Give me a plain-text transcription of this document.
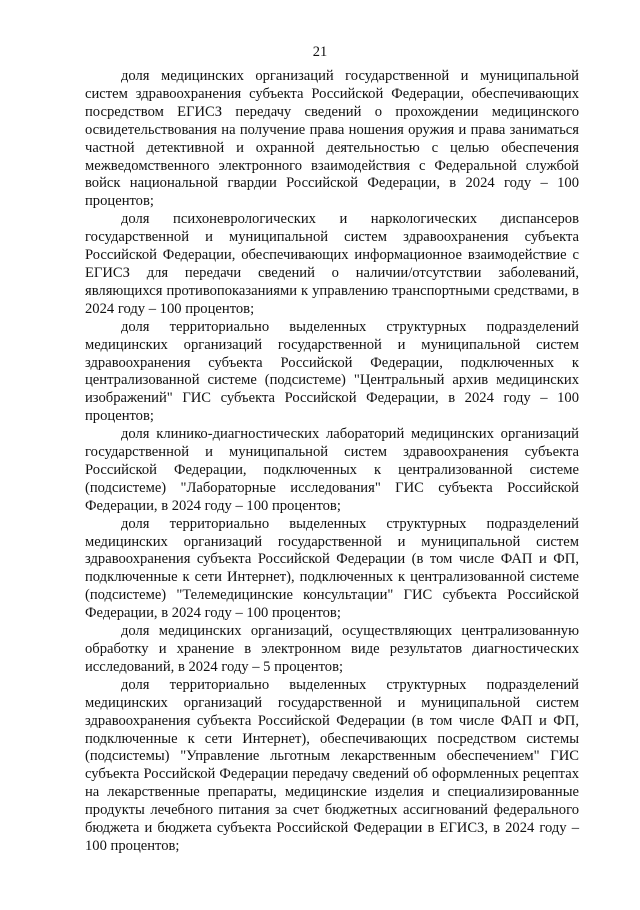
21

доля медицинских организаций государственной и муниципальной систем здравоохранения субъекта Российской Федерации, обеспечивающих посредством ЕГИСЗ передачу сведений о прохождении медицинского освидетельствования на получение права ношения оружия и права заниматься частной детективной и охранной деятельностью с целью обеспечения межведомственного электронного взаимодействия с Федеральной службой войск национальной гвардии Российской Федерации, в 2024 году – 100 процентов;

доля психоневрологических и наркологических диспансеров государственной и муниципальной систем здравоохранения субъекта Российской Федерации, обеспечивающих информационное взаимодействие с ЕГИСЗ для передачи сведений о наличии/отсутствии заболеваний, являющихся противопоказаниями к управлению транспортными средствами, в 2024 году – 100 процентов;

доля территориально выделенных структурных подразделений медицинских организаций государственной и муниципальной систем здравоохранения субъекта Российской Федерации, подключенных к централизованной системе (подсистеме) "Центральный архив медицинских изображений" ГИС субъекта Российской Федерации, в 2024 году – 100 процентов;

доля клинико-диагностических лабораторий медицинских организаций государственной и муниципальной систем здравоохранения субъекта Российской Федерации, подключенных к централизованной системе (подсистеме) "Лабораторные исследования" ГИС субъекта Российской Федерации, в 2024 году – 100 процентов;

доля территориально выделенных структурных подразделений медицинских организаций государственной и муниципальной систем здравоохранения субъекта Российской Федерации (в том числе ФАП и ФП, подключенные к сети Интернет), подключенных к централизованной системе (подсистеме) "Телемедицинские консультации" ГИС субъекта Российской Федерации, в 2024 году – 100 процентов;

доля медицинских организаций, осуществляющих централизованную обработку и хранение в электронном виде результатов диагностических исследований, в 2024 году – 5 процентов;

доля территориально выделенных структурных подразделений медицинских организаций государственной и муниципальной систем здравоохранения субъекта Российской Федерации (в том числе ФАП и ФП, подключенные к сети Интернет), обеспечивающих посредством системы (подсистемы) "Управление льготным лекарственным обеспечением" ГИС субъекта Российской Федерации передачу сведений об оформленных рецептах на лекарственные препараты, медицинские изделия и специализированные продукты лечебного питания за счет бюджетных ассигнований федерального бюджета и бюджета субъекта Российской Федерации в ЕГИСЗ, в 2024 году – 100 процентов;
